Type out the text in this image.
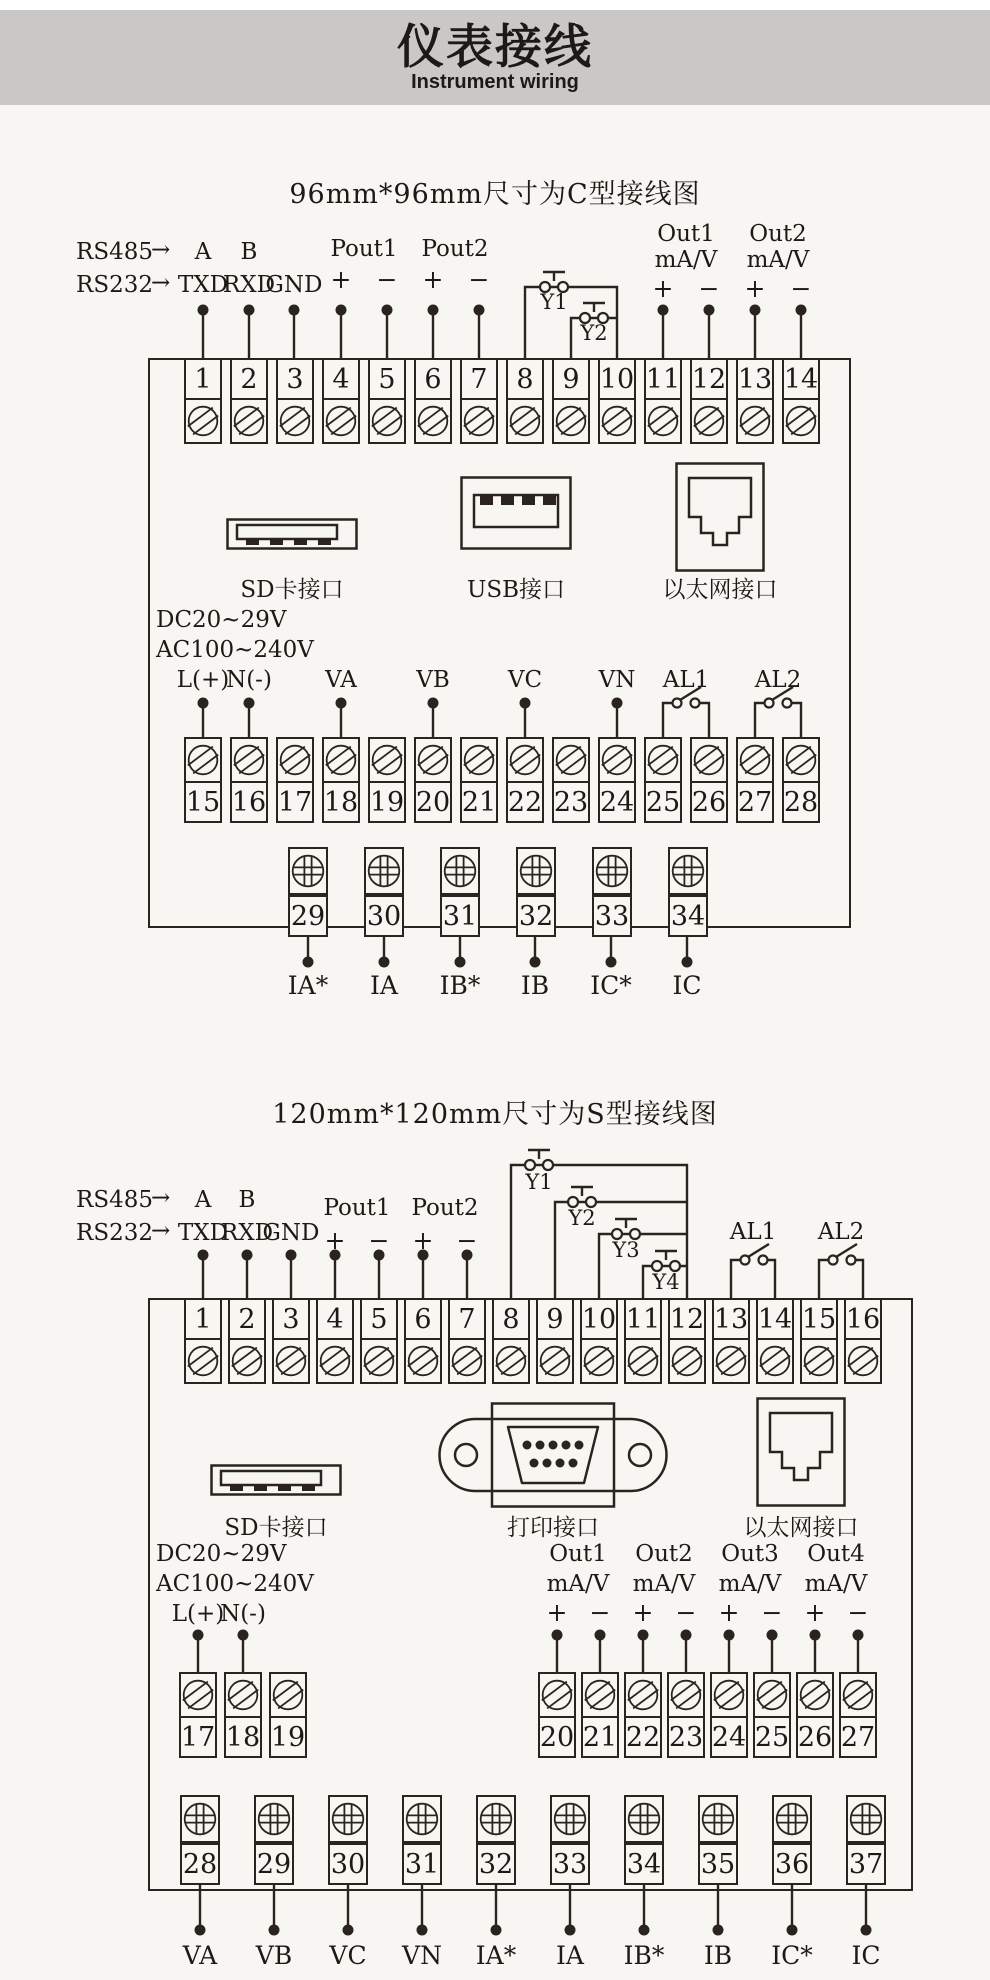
仪表接线
Instrument wiring
96mm*96mm尺寸为C型接线图
RS485
→ A B
RS232
→ TXD
RXD
GND
Pout1 Pout2
+ − + −
Out1
mA/V
+ −
Out2
mA/V
+ −
Y1
Y2
1	2	3	4	5	6	7	8	9 10 11 12 13 14
SD卡接口	USB接口	以太网接口
DC20~29V
AC100~240V
L(+)
N(-) VA	VB	VC VN AL1 AL2
15 16 17 18 19 20 21 22 23 24 25 26 27 28
29 30 31 32 33 34
IA* IA IB* IB IC* IC
120mm*120mm尺寸为S型接线图
RS485
→ A B
RS232
→ TXD
RXD
GND
Pout1 Pout2
+ − + −
Y1
Y2
Y3
Y4
AL1 AL2
1 2 3 4 5 6 7 8 9 10 11 12 13 14 15 16
SD卡接口	打印接口	以太网接口
DC20~29V
AC100~240V
L(+)
N(-)
Out1
mA/V
Out2
mA/V
Out3
mA/V
Out4
mA/V
+ − + − + − + −
17 18 19	20 21 22 23 24 25 26 27
28 29 30 31 32 33 34 35 36 37
VA VB VC VN IA* IA IB* IB IC* IC
